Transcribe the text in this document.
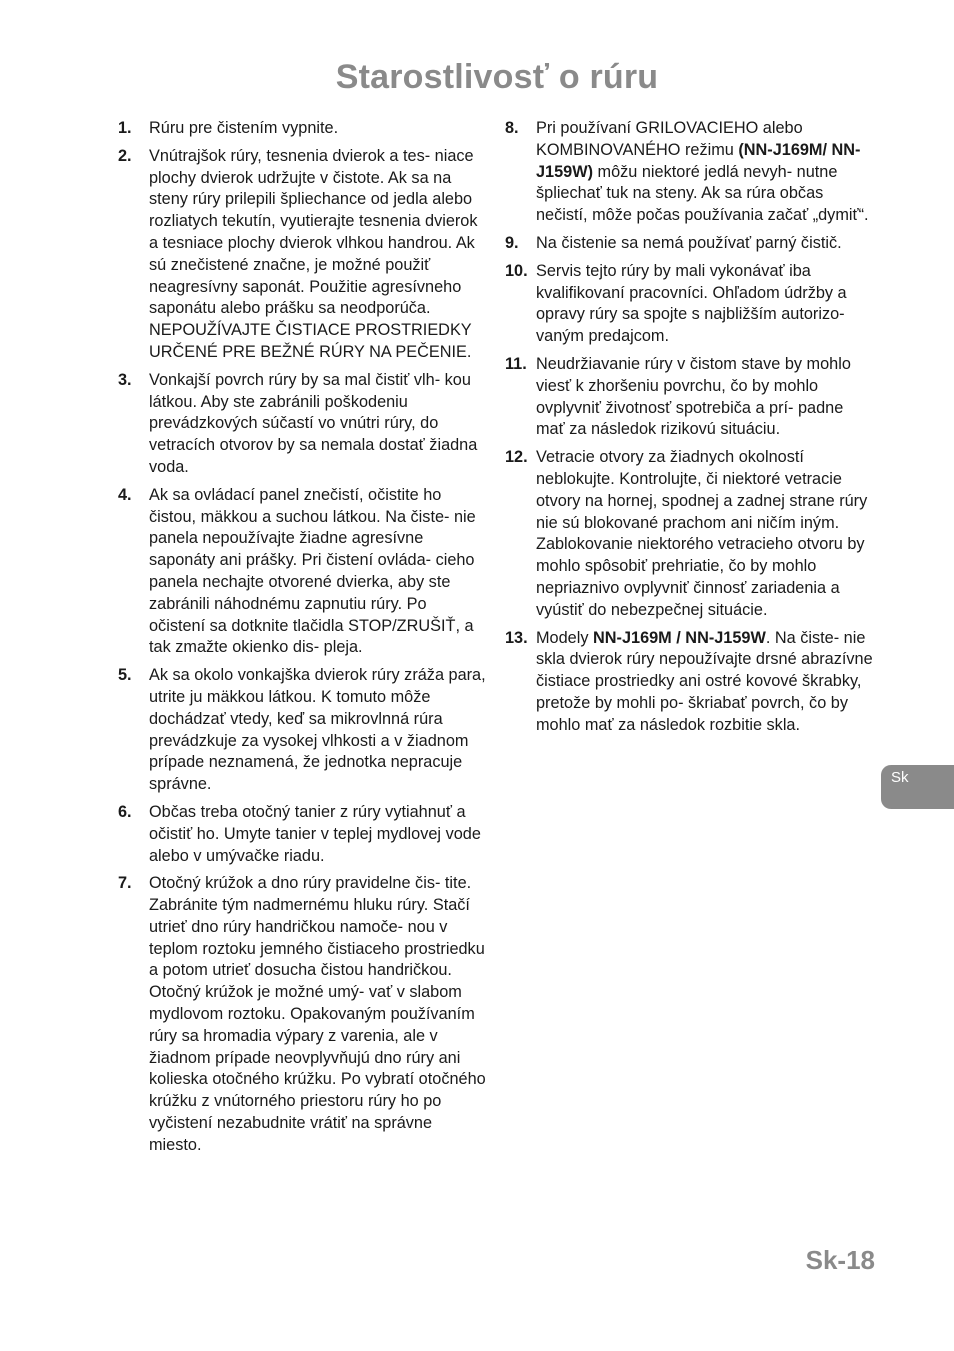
Starostlivosť o rúru
1. Rúru pre čistením vypnite.

2. Vnútrajšok rúry, tesnenia dvierok a tes- niace plochy dvierok udržujte v čistote. Ak sa na steny rúry prilepili špliechance od jedla alebo rozliatych tekutín, vyutierajte tesnenia dvierok a tesniace plochy dvierok vlhkou handrou. Ak sú znečistené značne, je možné použiť neagresívny saponát. Použitie agresívneho saponátu alebo prášku sa neodporúča. NEPOUŽÍVAJTE ČISTIACE PROSTRIEDKY URČENÉ PRE BEŽNÉ RÚRY NA PEČENIE.

3. Vonkajší povrch rúry by sa mal čistiť vlh- kou látkou. Aby ste zabránili poškodeniu prevádzkových súčastí vo vnútri rúry, do vetracích otvorov by sa nemala dostať žiadna voda.

4. Ak sa ovládací panel znečistí, očistite ho čistou, mäkkou a suchou látkou. Na čiste- nie panela nepoužívajte žiadne agresívne saponáty ani prášky. Pri čistení ovláda- cieho panela nechajte otvorené dvierka, aby ste zabránili náhodnému zapnutiu rúry. Po očistení sa dotknite tlačidla STOP/ZRUŠIŤ, a tak zmažte okienko dis- pleja.

5. Ak sa okolo vonkajška dvierok rúry zráža para, utrite ju mäkkou látkou. K tomuto môže dochádzať vtedy, keď sa mikrovlnná rúra prevádzkuje za vysokej vlhkosti a v žiadnom prípade neznamená, že jednotka nepracuje správne.

6. Občas treba otočný tanier z rúry vytiahnuť a očistiť ho. Umyte tanier v teplej mydlovej vode alebo v umývačke riadu.

7. Otočný krúžok a dno rúry pravidelne čis- tite. Zabránite tým nadmernému hluku rúry. Stačí utrieť dno rúry handričkou namoče- nou v teplom roztoku jemného čistiaceho prostriedku a potom utrieť dosucha čistou handričkou. Otočný krúžok je možné umý- vať v slabom mydlovom roztoku. Opakovaným používaním rúry sa hromadia výpary z varenia, ale v žiadnom prípade neovplyvňujú dno rúry ani kolieska otočného krúžku. Po vybratí otočného krúžku z vnútorného priestoru rúry ho po vyčistení nezabudnite vrátiť na správne miesto.

8. Pri používaní GRILOVACIEHO alebo KOMBINOVANÉHO režimu (NN-J169M/ NN-J159W) môžu niektoré jedlá nevyh- nutne špliechať tuk na steny. Ak sa rúra občas nečistí, môže počas používania začať „dymiť“.

9. Na čistenie sa nemá používať parný čistič.

10. Servis tejto rúry by mali vykonávať iba kvalifikovaní pracovníci. Ohľadom údržby a opravy rúry sa spojte s najbližším autorizo- vaným predajcom.

11. Neudržiavanie rúry v čistom stave by mohlo viesť k zhoršeniu povrchu, čo by mohlo ovplyvniť životnosť spotrebiča a prí- padne mať za následok rizikovú situáciu.

12. Vetracie otvory za žiadnych okolností neblokujte. Kontrolujte, či niektoré vetracie otvory na hornej, spodnej a zadnej strane rúry nie sú blokované prachom ani ničím iným.

Zablokovanie niektorého vetracieho otvoru by mohlo spôsobiť prehriatie, čo by mohlo nepriaznivo ovplyvniť činnosť zariadenia a vyústiť do nebezpečnej situácie.

13. Modely NN-J169M / NN-J159W. Na čiste- nie skla dvierok rúry nepoužívajte drsné abrazívne čistiace prostriedky ani ostré kovové škrabky, pretože by mohli po- škriabať povrch, čo by mohlo mať za následok rozbitie skla.

Sk
Sk-18
